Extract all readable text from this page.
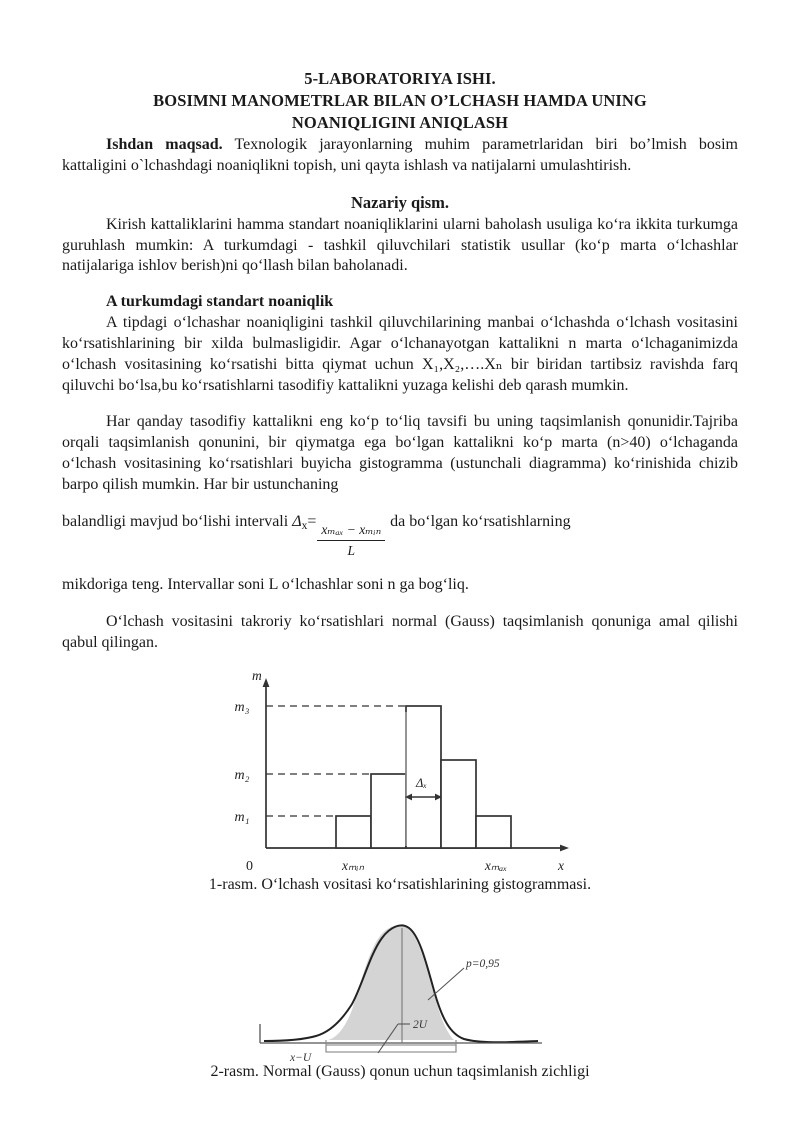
5-LABORATORIYA ISHI.
BOSIMNI MANOMETRLAR BILAN O’LCHASH HAMDA UNING
NOANIQLIGINI ANIQLASH

Ishdan maqsad. Texnologik jarayonlarning muhim parametrlaridan biri bo’lmish bosim kattaligini o`lchashdagi noaniqlikni topish, uni qayta ishlash va natijalarni umulashtirish.

Nazariy qism.

Kirish kattaliklarini hamma standart noaniqliklarini ularni baholash usuliga ko‘ra ikkita turkumga guruhlash mumkin: A turkumdagi - tashkil qiluvchilari statistik usullar (ko‘p marta o‘lchashlar natijalariga ishlov berish)ni qo‘llash bilan baholanadi.

A turkumdagi standart noaniqlik

A tipdagi o‘lchashar noaniqligini tashkil qiluvchilarining manbai o‘lchashda o‘lchash vositasini ko‘rsatishlarining bir xilda bulmasligidir. Agar o‘lchanayotgan kattalikni n marta o‘lchaganimizda o‘lchash vositasining ko‘rsatishi bitta qiymat uchun X₁,X₂,….Xₙ bir biridan tartibsiz ravishda farq qiluvchi bo‘lsa,bu ko‘rsatishlarni tasodifiy kattalikni yuzaga kelishi deb qarash mumkin.

Har qanday tasodifiy kattalikni eng ko‘p to‘liq tavsifi bu uning taqsimlanish qonunidir.Tajriba orqali taqsimlanish qonunini, bir qiymatga ega bo‘lgan kattalikni ko‘p marta (n>40) o‘lchaganda o‘lchash vositasining ko‘rsatishlari buyicha gistogramma (ustunchali diagramma) ko‘rinishida chizib barpo qilish mumkin. Har bir ustunchaning

balandligi mavjud bo‘lishi intervali $\Delta_x= \frac{\text{xₘₐₓ − xₘᵢₙ}}{L}$ da bo‘lgan ko‘rsatishlarning

mikdoriga teng. Intervallar soni L o‘lchashlar soni n ga bog‘liq.

O‘lchash vositasini takroriy ko‘rsatishlari normal (Gauss) taqsimlanish qonuniga amal qilishi qabul qilingan.

Δₓ
m₃
m₂
m₁
m
x
0	xₘᵢₙ	xₘₐₓ
1-rasm. O‘lchash vositasi ko‘rsatishlarining gistogrammasi.
2U
p=0,95
x−U
2-rasm. Normal (Gauss) qonun uchun taqsimlanish zichligi
